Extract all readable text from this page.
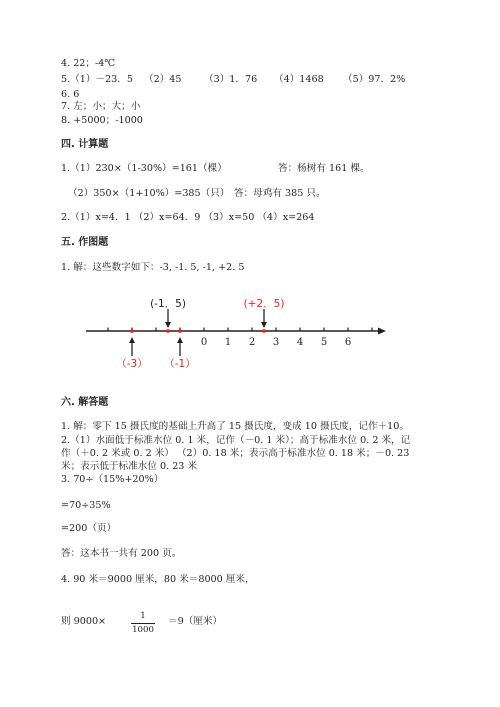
4. 22；-4℃
5.（1）－23．5 （2）45 （3）1．76 （4）1468 （5）97．2%
6. 6
7. 左；小；大；小
8. +5000；-1000
四. 计算题
1.（1）230×（1-30%）=161（棵）	答：杨树有 161 棵。
（2）350×（1+10%）=385（只） 答：母鸡有 385 只。
2.（1）x=4．1 （2）x=64．9 （3）x=50 （4）x=264
五. 作图题
1. 解：这些数字如下：-3, -1. 5, -1, +2. 5
0 1 2 3 4 5 6
(-1．5)	(+2．5)
（-3） （-1）
六. 解答题
1. 解：零下 15 摄氏度的基础上升高了 15 摄氏度，变成 10 摄氏度，记作＋10。
2.（1）水面低于标准水位 0. 1 米，记作（－0. 1 米）；高于标准水位 0. 2 米，记
作（＋0. 2 米或 0. 2 米） （2）0. 18 米；表示高于标准水位 0. 18 米；－0. 23
米；表示低于标准水位 0. 23 米
3. 70÷（15%+20%）
=70÷35%
=200（页）
答：这本书一共有 200 页。
4. 90 米＝9000 厘米，80 米＝8000 厘米，
则 9000×	1
1000
＝9（厘米）
